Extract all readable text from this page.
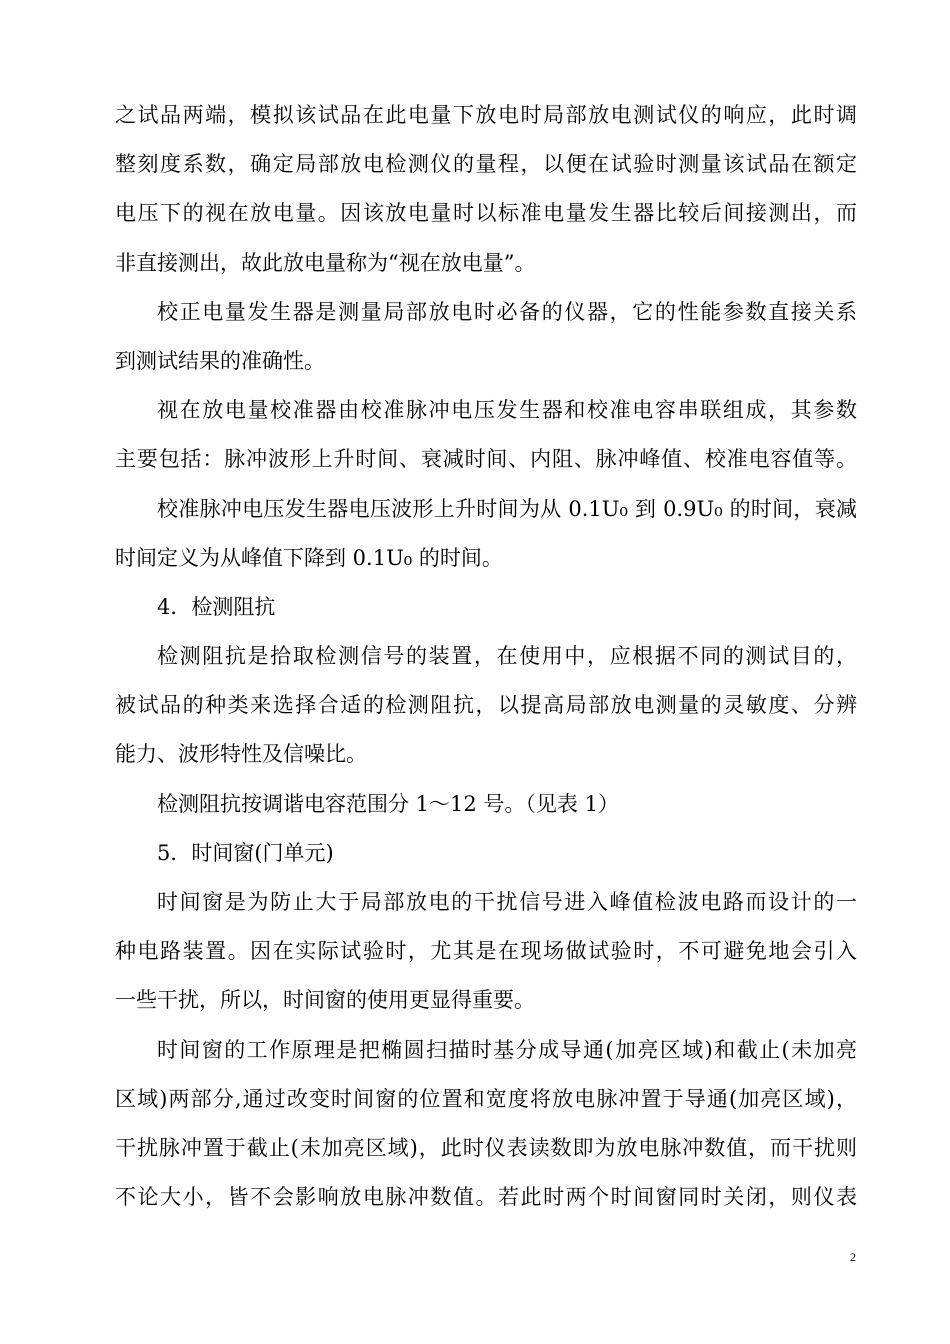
之试品两端，模拟该试品在此电量下放电时局部放电测试仪的响应，此时调
整刻度系数，确定局部放电检测仪的量程，以便在试验时测量该试品在额定
电压下的视在放电量。因该放电量时以标准电量发生器比较后间接测出，而
非直接测出，故此放电量称为“视在放电量”。
校正电量发生器是测量局部放电时必备的仪器，它的性能参数直接关系
到测试结果的准确性。
视在放电量校准器由校准脉冲电压发生器和校准电容串联组成，其参数
主要包括：脉冲波形上升时间、衰减时间、内阻、脉冲峰值、校准电容值等。
校准脉冲电压发生器电压波形上升时间为从 0.1U₀ 到 0.9U₀ 的时间，衰减
时间定义为从峰值下降到 0.1U₀ 的时间。
4．检测阻抗
检测阻抗是拾取检测信号的装置，在使用中，应根据不同的测试目的，
被试品的种类来选择合适的检测阻抗，以提高局部放电测量的灵敏度、分辨
能力、波形特性及信噪比。
检测阻抗按调谐电容范围分 1～12 号。（见表 1）
5．时间窗(门单元)
时间窗是为防止大于局部放电的干扰信号进入峰值检波电路而设计的一
种电路装置。因在实际试验时，尤其是在现场做试验时，不可避免地会引入
一些干扰，所以，时间窗的使用更显得重要。
时间窗的工作原理是把椭圆扫描时基分成导通(加亮区域)和截止(未加亮
区域)两部分,通过改变时间窗的位置和宽度将放电脉冲置于导通(加亮区域)，
干扰脉冲置于截止(未加亮区域)，此时仪表读数即为放电脉冲数值，而干扰则
不论大小，皆不会影响放电脉冲数值。若此时两个时间窗同时关闭，则仪表
2
